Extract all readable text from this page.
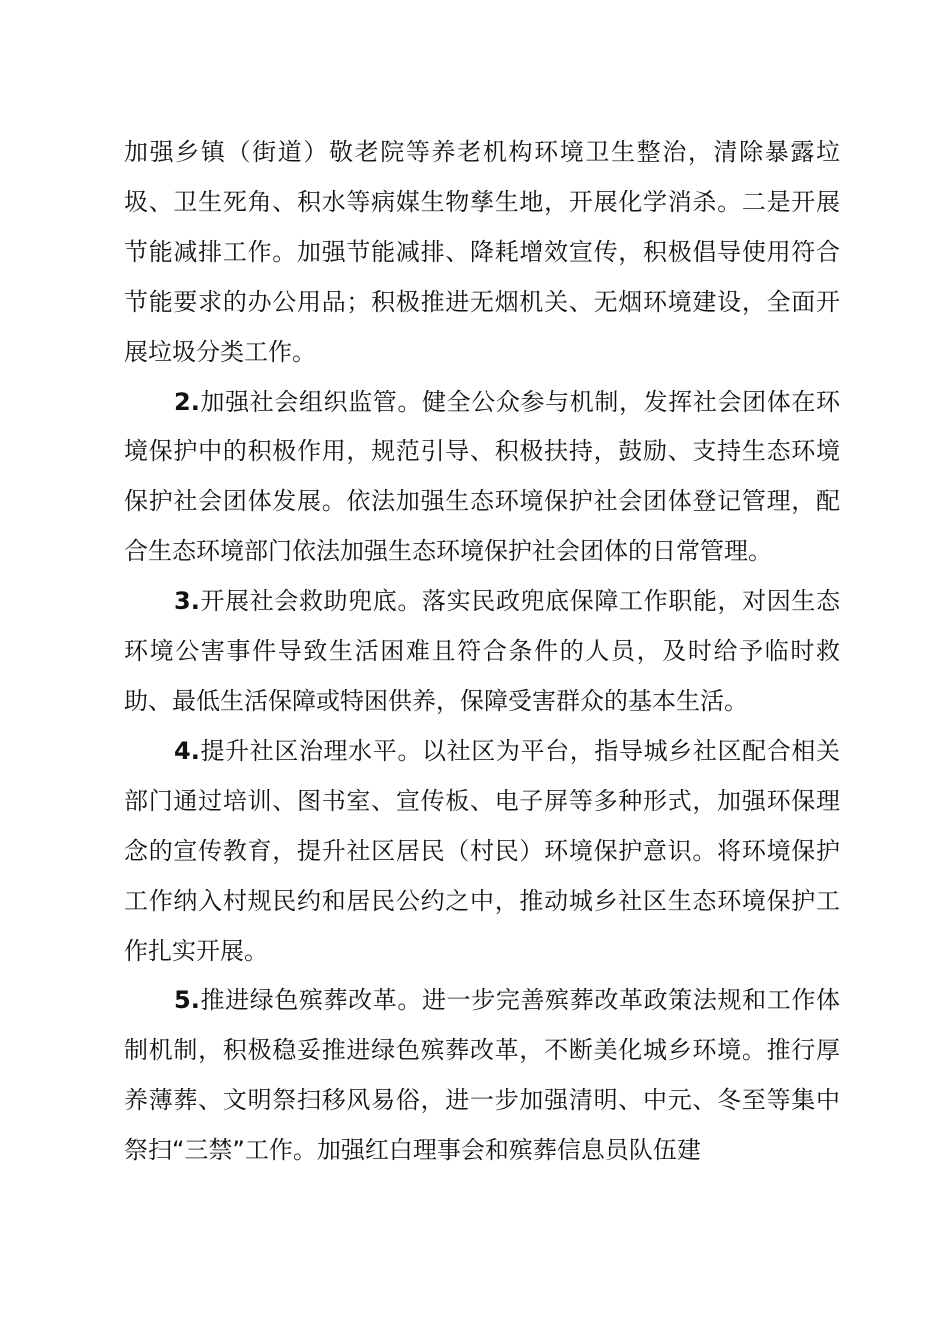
加强乡镇（街道）敬老院等养老机构环境卫生整治，清除暴露垃圾、卫生死角、积水等病媒生物孳生地，开展化学消杀。二是开展节能减排工作。加强节能减排、降耗增效宣传，积极倡导使用符合节能要求的办公用品；积极推进无烟机关、无烟环境建设，全面开展垃圾分类工作。

2.加强社会组织监管。健全公众参与机制，发挥社会团体在环境保护中的积极作用，规范引导、积极扶持，鼓励、支持生态环境保护社会团体发展。依法加强生态环境保护社会团体登记管理，配合生态环境部门依法加强生态环境保护社会团体的日常管理。

3.开展社会救助兜底。落实民政兜底保障工作职能，对因生态环境公害事件导致生活困难且符合条件的人员，及时给予临时救助、最低生活保障或特困供养，保障受害群众的基本生活。

4.提升社区治理水平。以社区为平台，指导城乡社区配合相关部门通过培训、图书室、宣传板、电子屏等多种形式，加强环保理念的宣传教育，提升社区居民（村民）环境保护意识。将环境保护工作纳入村规民约和居民公约之中，推动城乡社区生态环境保护工作扎实开展。

5.推进绿色殡葬改革。进一步完善殡葬改革政策法规和工作体制机制，积极稳妥推进绿色殡葬改革，不断美化城乡环境。推行厚养薄葬、文明祭扫移风易俗，进一步加强清明、中元、冬至等集中祭扫“三禁”工作。加强红白理事会和殡葬信息员队伍建
